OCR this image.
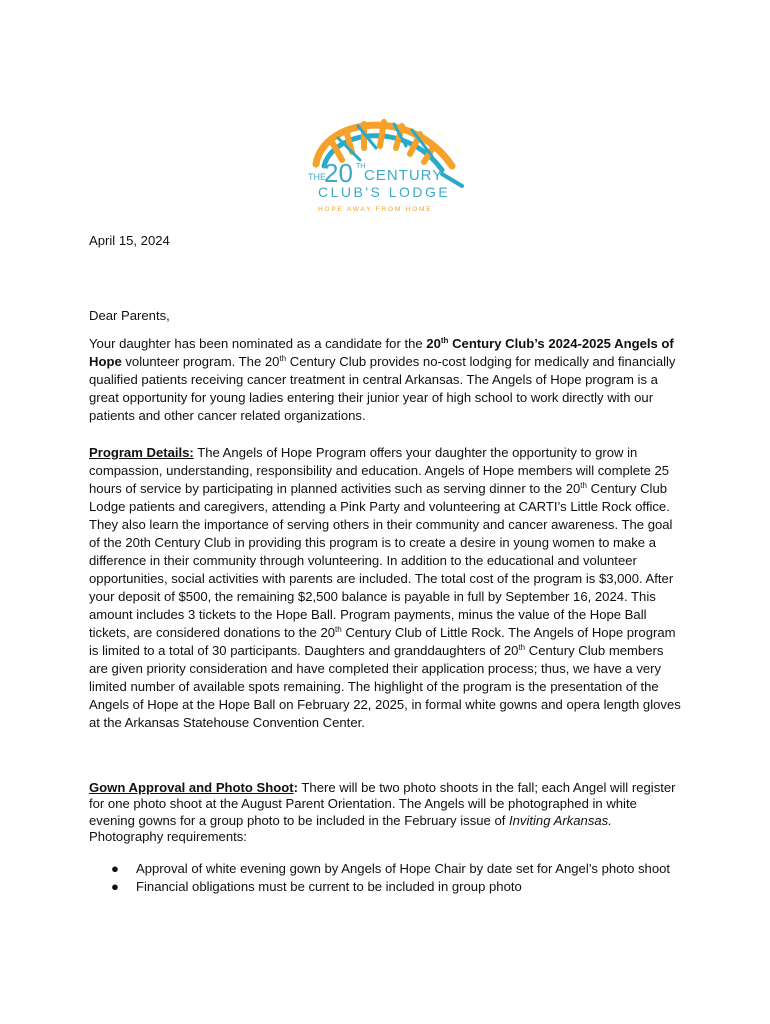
THE
20 TH
CENTURY
CLUB'S LODGE
HOPE AWAY FROM HOME

April 15, 2024

Dear Parents,

Your daughter has been nominated as a candidate for the 20th Century Club’s 2024-2025 Angels of Hope volunteer program. The 20th Century Club provides no-cost lodging for medically and financially qualified patients receiving cancer treatment in central Arkansas. The Angels of Hope program is a great opportunity for young ladies entering their junior year of high school to work directly with our patients and other cancer related organizations.

Program Details: The Angels of Hope Program offers your daughter the opportunity to grow in compassion, understanding, responsibility and education. Angels of Hope members will complete 25 hours of service by participating in planned activities such as serving dinner to the 20th Century Club Lodge patients and caregivers, attending a Pink Party and volunteering at CARTI’s Little Rock office. They also learn the importance of serving others in their community and cancer awareness. The goal of the 20th Century Club in providing this program is to create a desire in young women to make a difference in their community through volunteering. In addition to the educational and volunteer opportunities, social activities with parents are included. The total cost of the program is $3,000. After your deposit of $500, the remaining $2,500 balance is payable in full by September 16, 2024. This amount includes 3 tickets to the Hope Ball. Program payments, minus the value of the Hope Ball tickets, are considered donations to the 20th Century Club of Little Rock. The Angels of Hope program is limited to a total of 30 participants. Daughters and granddaughters of 20th Century Club members are given priority consideration and have completed their application process; thus, we have a very limited number of available spots remaining. The highlight of the program is the presentation of the Angels of Hope at the Hope Ball on February 22, 2025, in formal white gowns and opera length gloves at the Arkansas Statehouse Convention Center.

Gown Approval and Photo Shoot: There will be two photo shoots in the fall; each Angel will register for one photo shoot at the August Parent Orientation. The Angels will be photographed in white evening gowns for a group photo to be included in the February issue of Inviting Arkansas. Photography requirements:

● Approval of white evening gown by Angels of Hope Chair by date set for Angel’s photo shoot
● Financial obligations must be current to be included in group photo
